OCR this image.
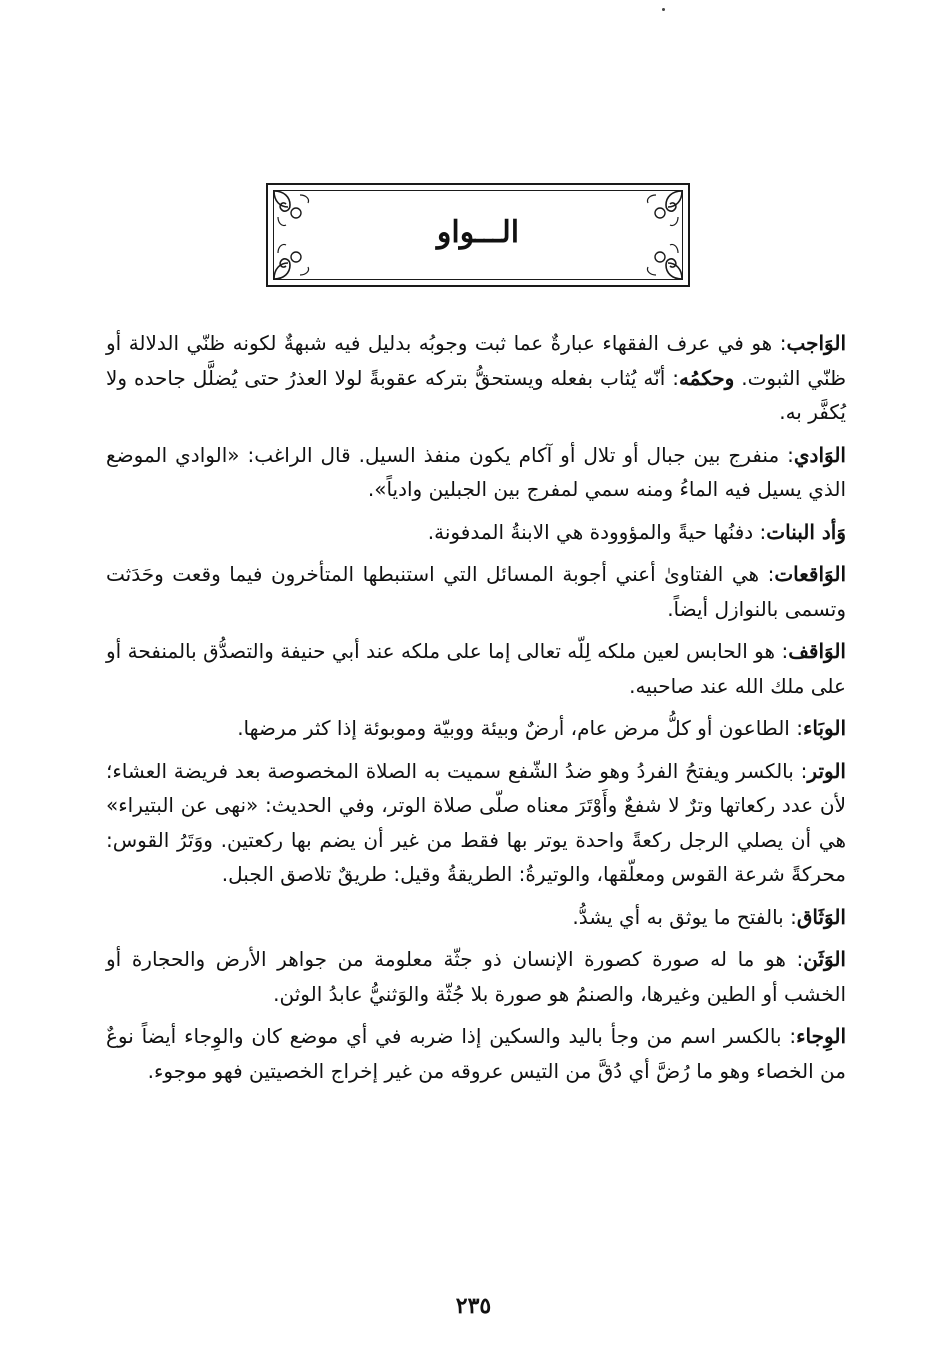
الـــواو

الوَاجب: هو في عرف الفقهاء عبارةٌ عما ثبت وجوبُه بدليل فيه شبهةٌ لكونه ظنّي الدلالة أو ظنّي الثبوت. وحكمُه: أنّه يُثاب بفعله ويستحقُّ بتركه عقوبةً لولا العذرُ حتى يُضلَّل جاحده ولا يُكفَّر به.

الوَادي: منفرج بين جبال أو تلال أو آكام يكون منفذ السيل. قال الراغب: «الوادي الموضع الذي يسيل فيه الماءُ ومنه سمي لمفرج بين الجبلين وادياً».

وَأد البنات: دفنُها حيةً والمؤوودة هي الابنةُ المدفونة.

الوَاقعات: هي الفتاوىٰ أعني أجوبة المسائل التي استنبطها المتأخرون فيما وقعت وحَدَثت وتسمى بالنوازل أيضاً.

الوَاقف: هو الحابس لعين ملكه لِلّه تعالى إما على ملكه عند أبي حنيفة والتصدُّق بالمنفحة أو على ملك الله عند صاحبيه.

الوبَاء: الطاعون أو كلُّ مرض عام، أرضٌ وبيئة ووبيّة وموبوئة إذا كثر مرضها.

الوتر: بالكسر ويفتحُ الفردُ وهو ضدُ الشّفع سميت به الصلاة المخصوصة بعد فريضة العشاء؛ لأن عدد ركعاتها وترٌ لا شفعٌ وأَوْتَرَ معناه صلّى صلاة الوتر، وفي الحديث: «نهى عن البتيراء» هي أن يصلي الرجل ركعةً واحدة يوتر بها فقط من غير أن يضم بها ركعتين. ووَتَرُ القوس: محركةً شرعة القوس ومعلّقها، والوتيرةُ: الطريقةُ وقيل: طريقٌ تلاصق الجبل.

الوَثَاق: بالفتح ما يوثق به أي يشدُّ.

الوَثَن: هو ما له صورة كصورة الإنسان ذو جثّة معلومة من جواهر الأرض والحجارة أو الخشب أو الطين وغيرها، والصنمُ هو صورة بلا جُثّة والوَثنيُّ عابدُ الوثن.

الوِجاء: بالكسر اسم من وجأ باليد والسكين إذا ضربه في أي موضع كان والوِجاء أيضاً نوعٌ من الخصاء وهو ما رُضَّ أي دُقَّ من التيس عروقه من غير إخراج الخصيتين فهو موجوء.

٢٣٥
